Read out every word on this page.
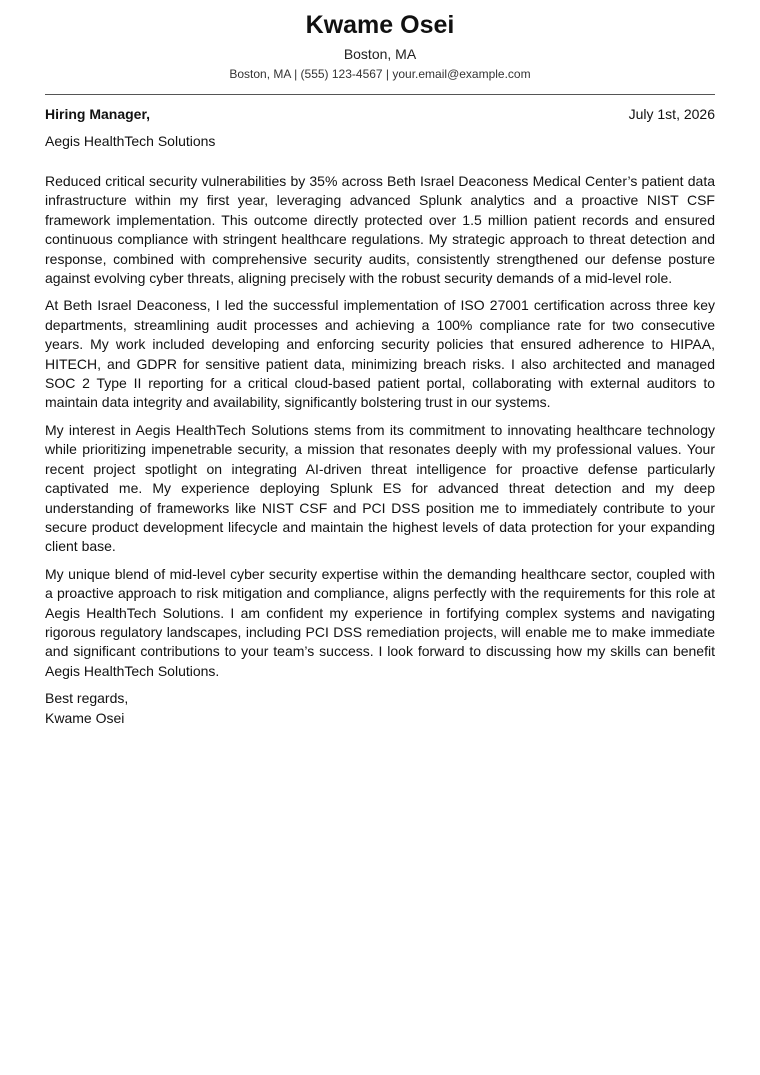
Kwame Osei
Boston, MA
Boston, MA | (555) 123-4567 | your.email@example.com
Hiring Manager,	July 1st, 2026
Aegis HealthTech Solutions

Reduced critical security vulnerabilities by 35% across Beth Israel Deaconess Medical Center’s patient data infrastructure within my first year, leveraging advanced Splunk analytics and a proactive NIST CSF framework implementation. This outcome directly protected over 1.5 million patient records and ensured continuous compliance with stringent healthcare regulations. My strategic approach to threat detection and response, combined with comprehensive security audits, consistently strengthened our defense posture against evolving cyber threats, aligning precisely with the robust security demands of a mid-level role.

At Beth Israel Deaconess, I led the successful implementation of ISO 27001 certification across three key departments, streamlining audit processes and achieving a 100% compliance rate for two consecutive years. My work included developing and enforcing security policies that ensured adherence to HIPAA, HITECH, and GDPR for sensitive patient data, minimizing breach risks. I also architected and managed SOC 2 Type II reporting for a critical cloud-based patient portal, collaborating with external auditors to maintain data integrity and availability, significantly bolstering trust in our systems.

My interest in Aegis HealthTech Solutions stems from its commitment to innovating healthcare technology while prioritizing impenetrable security, a mission that resonates deeply with my professional values. Your recent project spotlight on integrating AI-driven threat intelligence for proactive defense particularly captivated me. My experience deploying Splunk ES for advanced threat detection and my deep understanding of frameworks like NIST CSF and PCI DSS position me to immediately contribute to your secure product development lifecycle and maintain the highest levels of data protection for your expanding client base.

My unique blend of mid-level cyber security expertise within the demanding healthcare sector, coupled with a proactive approach to risk mitigation and compliance, aligns perfectly with the requirements for this role at Aegis HealthTech Solutions. I am confident my experience in fortifying complex systems and navigating rigorous regulatory landscapes, including PCI DSS remediation projects, will enable me to make immediate and significant contributions to your team’s success. I look forward to discussing how my skills can benefit Aegis HealthTech Solutions.

Best regards,
Kwame Osei
